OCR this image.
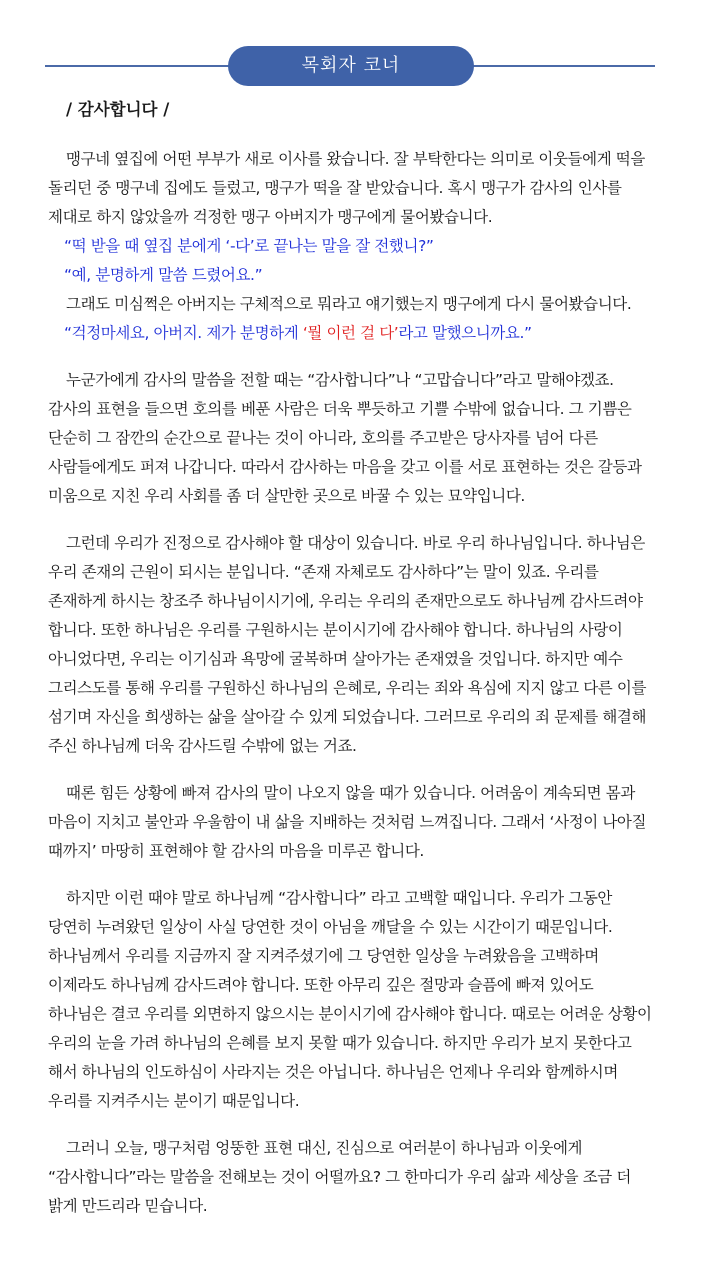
목회자 코너
/ 감사합니다 /

맹구네 옆집에 어떤 부부가 새로 이사를 왔습니다. 잘 부탁한다는 의미로 이웃들에게 떡을 돌리던 중 맹구네 집에도 들렀고, 맹구가 떡을 잘 받았습니다. 혹시 맹구가 감사의 인사를 제대로 하지 않았을까 걱정한 맹구 아버지가 맹구에게 물어봤습니다.

“떡 받을 때 옆집 분에게 ‘-다’로 끝나는 말을 잘 전했니?”

“예, 분명하게 말씀 드렸어요.”

그래도 미심쩍은 아버지는 구체적으로 뭐라고 얘기했는지 맹구에게 다시 물어봤습니다.

“걱정마세요, 아버지. 제가 분명하게 ‘뭘 이런 걸 다’라고 말했으니까요.”

누군가에게 감사의 말씀을 전할 때는 “감사합니다”나 “고맙습니다”라고 말해야겠죠. 감사의 표현을 들으면 호의를 베푼 사람은 더욱 뿌듯하고 기쁠 수밖에 없습니다. 그 기쁨은 단순히 그 잠깐의 순간으로 끝나는 것이 아니라, 호의를 주고받은 당사자를 넘어 다른 사람들에게도 퍼져 나갑니다. 따라서 감사하는 마음을 갖고 이를 서로 표현하는 것은 갈등과 미움으로 지친 우리 사회를 좀 더 살만한 곳으로 바꿀 수 있는 묘약입니다.

그런데 우리가 진정으로 감사해야 할 대상이 있습니다. 바로 우리 하나님입니다. 하나님은 우리 존재의 근원이 되시는 분입니다. “존재 자체로도 감사하다”는 말이 있죠. 우리를 존재하게 하시는 창조주 하나님이시기에, 우리는 우리의 존재만으로도 하나님께 감사드려야 합니다. 또한 하나님은 우리를 구원하시는 분이시기에 감사해야 합니다. 하나님의 사랑이 아니었다면, 우리는 이기심과 욕망에 굴복하며 살아가는 존재였을 것입니다. 하지만 예수 그리스도를 통해 우리를 구원하신 하나님의 은혜로, 우리는 죄와 욕심에 지지 않고 다른 이를 섬기며 자신을 희생하는 삶을 살아갈 수 있게 되었습니다. 그러므로 우리의 죄 문제를 해결해 주신 하나님께 더욱 감사드릴 수밖에 없는 거죠.

때론 힘든 상황에 빠져 감사의 말이 나오지 않을 때가 있습니다. 어려움이 계속되면 몸과 마음이 지치고 불안과 우울함이 내 삶을 지배하는 것처럼 느껴집니다. 그래서 ‘사정이 나아질 때까지’ 마땅히 표현해야 할 감사의 마음을 미루곤 합니다.

하지만 이런 때야 말로 하나님께 “감사합니다” 라고 고백할 때입니다. 우리가 그동안 당연히 누려왔던 일상이 사실 당연한 것이 아님을 깨달을 수 있는 시간이기 때문입니다. 하나님께서 우리를 지금까지 잘 지켜주셨기에 그 당연한 일상을 누려왔음을 고백하며 이제라도 하나님께 감사드려야 합니다. 또한 아무리 깊은 절망과 슬픔에 빠져 있어도 하나님은 결코 우리를 외면하지 않으시는 분이시기에 감사해야 합니다. 때로는 어려운 상황이 우리의 눈을 가려 하나님의 은혜를 보지 못할 때가 있습니다. 하지만 우리가 보지 못한다고 해서 하나님의 인도하심이 사라지는 것은 아닙니다. 하나님은 언제나 우리와 함께하시며 우리를 지켜주시는 분이기 때문입니다.

그러니 오늘, 맹구처럼 엉뚱한 표현 대신, 진심으로 여러분이 하나님과 이웃에게 “감사합니다”라는 말씀을 전해보는 것이 어떨까요? 그 한마디가 우리 삶과 세상을 조금 더 밝게 만드리라 믿습니다.
